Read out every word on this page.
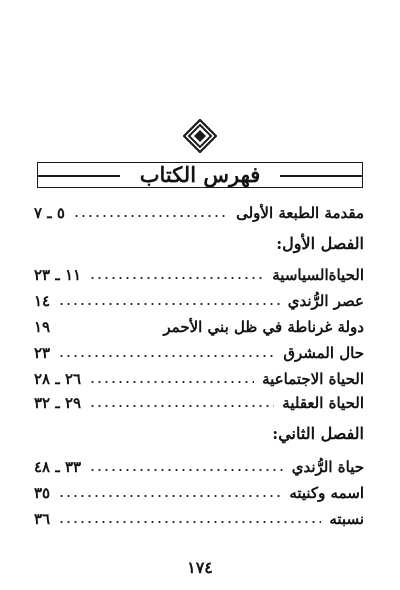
فهرس الكتاب
مقدمة الطبعة الأولى
٥ ـ ٧
الفصل الأول:
الحياةالسياسية
١١ ـ ٢٣
عصر الرُّندي
١٤
دولة غرناطة في ظل بني الأحمر
١٩
حال المشرق
٢٣
الحياة الاجتماعية
٢٦ ـ ٢٨
الحياة العقلية
٢٩ ـ ٣٢
الفصل الثاني:
حياة الرُّندي
٣٣ ـ ٤٨
اسمه وكنيته
٣٥
نسبته
٣٦
١٧٤
